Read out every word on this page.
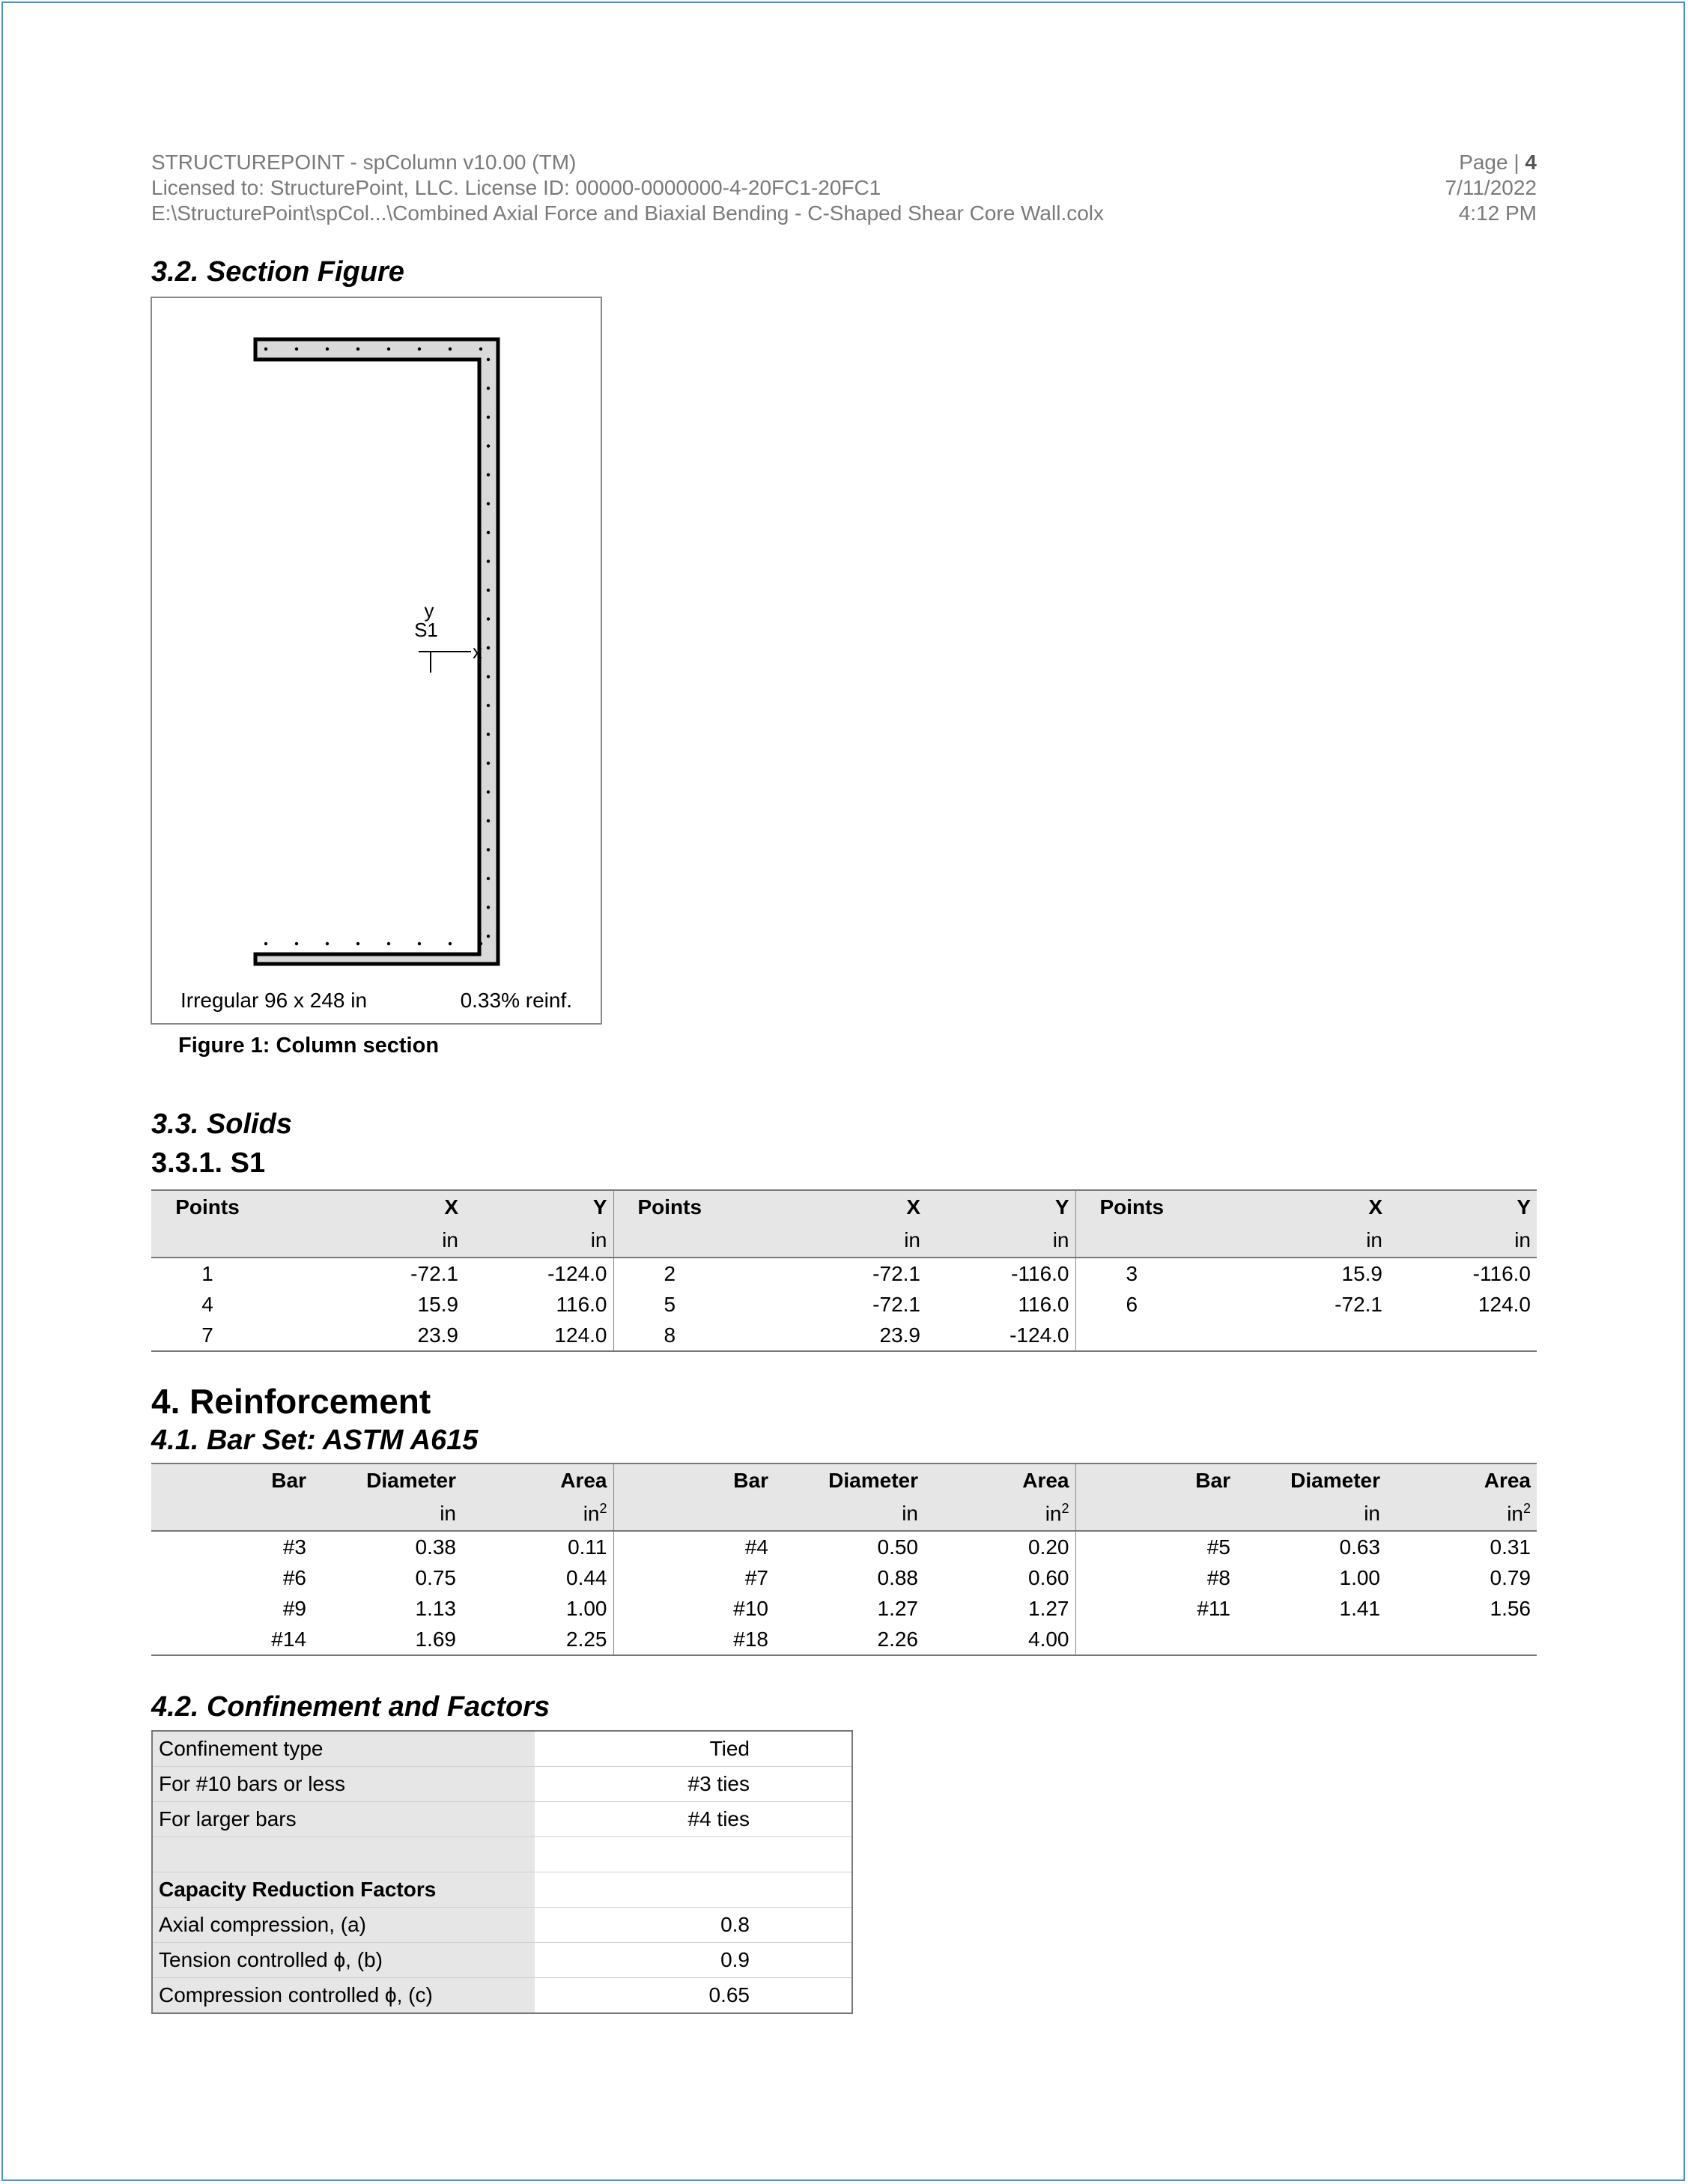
STRUCTUREPOINT - spColumn v10.00 (TM)
Licensed to: StructurePoint, LLC. License ID: 00000-0000000-4-20FC1-20FC1
E:\StructurePoint\spCol...\Combined Axial Force and Biaxial Bending - C-Shaped Shear Core Wall.colx
Page | 4
7/11/2022
4:12 PM
3.2. Section Figure
y
S1
x
Irregular 96 x 248 in	0.33% reinf.
Figure 1: Column section
3.3. Solids
3.3.1. S1
Points	X	Y	Points	X	Y	Points	X	Y
	in	in		in	in		in	in
1	-72.1	-124.0	2	-72.1	-116.0	3	15.9	-116.0
4	15.9	116.0	5	-72.1	116.0	6	-72.1	124.0
7	23.9	124.0	8	23.9	-124.0			
4. Reinforcement
4.1. Bar Set: ASTM A615
Bar	Diameter	Area	Bar	Diameter	Area	Bar	Diameter	Area
	in	$in^2$		in	$in^2$		in	$in^2$
#3	0.38	0.11	#4	0.50	0.20	#5	0.63	0.31
#6	0.75	0.44	#7	0.88	0.60	#8	1.00	0.79
#9	1.13	1.00	#10	1.27	1.27	#11	1.41	1.56
#14	1.69	2.25	#18	2.26	4.00			
4.2. Confinement and Factors
Confinement type	Tied
For #10 bars or less	#3 ties
For larger bars	#4 ties

Capacity Reduction Factors	
Axial compression, (a)	0.8
Tension controlled ϕ, (b)	0.9
Compression controlled ϕ, (c)	0.65
